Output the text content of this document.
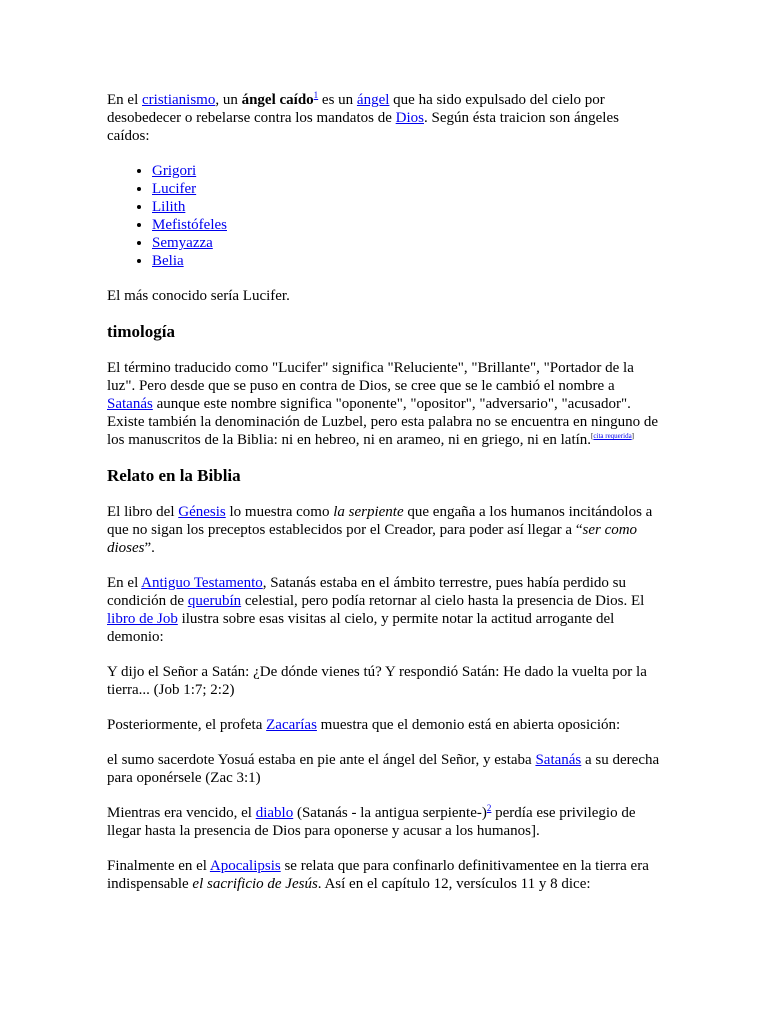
En el cristianismo, un ángel caído$^1$ es un ángel que ha sido expulsado del cielo por desobedecer o rebelarse contra los mandatos de Dios. Según ésta traicion son ángeles caídos:

• Grigori
• Lucifer
• Lilith
• Mefistófeles
• Semyazza
• Belia

El más conocido sería Lucifer.

timología

El término traducido como "Lucifer" significa "Reluciente", "Brillante", "Portador de la luz". Pero desde que se puso en contra de Dios, se cree que se le cambió el nombre a Satanás aunque este nombre significa "oponente", "opositor", "adversario", "acusador". Existe también la denominación de Luzbel, pero esta palabra no se encuentra en ninguno de los manuscritos de la Biblia: ni en hebreo, ni en arameo, ni en griego, ni en latín.[cita requerida]

Relato en la Biblia

El libro del Génesis lo muestra como la serpiente que engaña a los humanos incitándolos a que no sigan los preceptos establecidos por el Creador, para poder así llegar a “ser como dioses”.

En el Antiguo Testamento, Satanás estaba en el ámbito terrestre, pues había perdido su condición de querubín celestial, pero podía retornar al cielo hasta la presencia de Dios. El libro de Job ilustra sobre esas visitas al cielo, y permite notar la actitud arrogante del demonio:

Y dijo el Señor a Satán: ¿De dónde vienes tú? Y respondió Satán: He dado la vuelta por la tierra... (Job 1:7; 2:2)

Posteriormente, el profeta Zacarías muestra que el demonio está en abierta oposición:

el sumo sacerdote Yosuá estaba en pie ante el ángel del Señor, y estaba Satanás a su derecha para oponérsele (Zac 3:1)

Mientras era vencido, el diablo (Satanás - la antigua serpiente-)$^2$ perdía ese privilegio de llegar hasta la presencia de Dios para oponerse y acusar a los humanos].

Finalmente en el Apocalipsis se relata que para confinarlo definitivamentee en la tierra era indispensable el sacrificio de Jesús. Así en el capítulo 12, versículos 11 y 8 dice:
